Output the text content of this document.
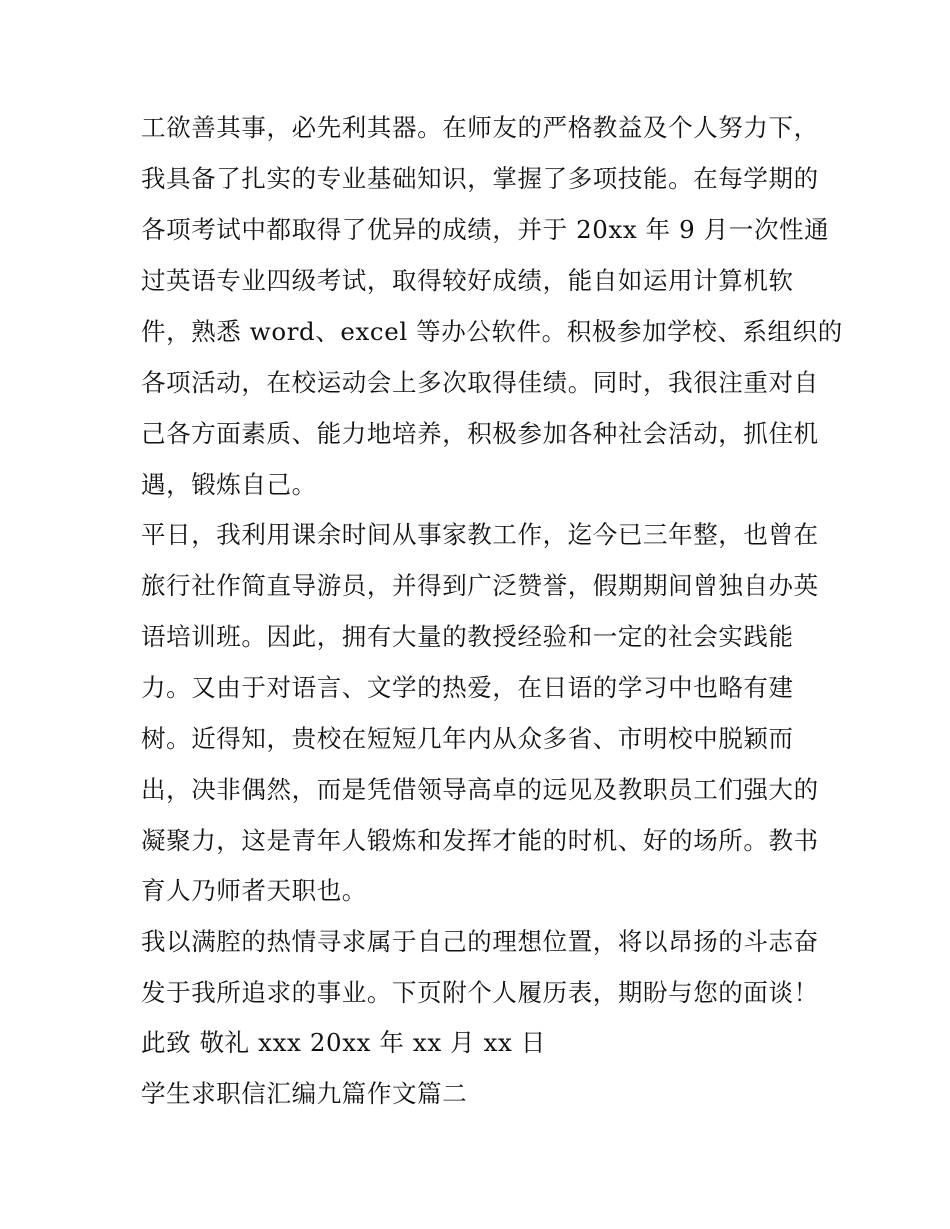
工欲善其事，必先利其器。在师友的严格教益及个人努力下，
我具备了扎实的专业基础知识，掌握了多项技能。在每学期的
各项考试中都取得了优异的成绩，并于 20xx 年 9 月一次性通
过英语专业四级考试，取得较好成绩，能自如运用计算机软
件，熟悉 word、excel 等办公软件。积极参加学校、系组织的
各项活动，在校运动会上多次取得佳绩。同时，我很注重对自
己各方面素质、能力地培养，积极参加各种社会活动，抓住机
遇，锻炼自己。
平日，我利用课余时间从事家教工作，迄今已三年整，也曾在
旅行社作简直导游员，并得到广泛赞誉，假期期间曾独自办英
语培训班。因此，拥有大量的教授经验和一定的社会实践能
力。又由于对语言、文学的热爱，在日语的学习中也略有建
树。近得知，贵校在短短几年内从众多省、市明校中脱颖而
出，决非偶然，而是凭借领导高卓的远见及教职员工们强大的
凝聚力，这是青年人锻炼和发挥才能的时机、好的场所。教书
育人乃师者天职也。
我以满腔的热情寻求属于自己的理想位置，将以昂扬的斗志奋
发于我所追求的事业。下页附个人履历表，期盼与您的面谈！
此致 敬礼 xxx 20xx 年 xx 月 xx 日
学生求职信汇编九篇作文篇二
